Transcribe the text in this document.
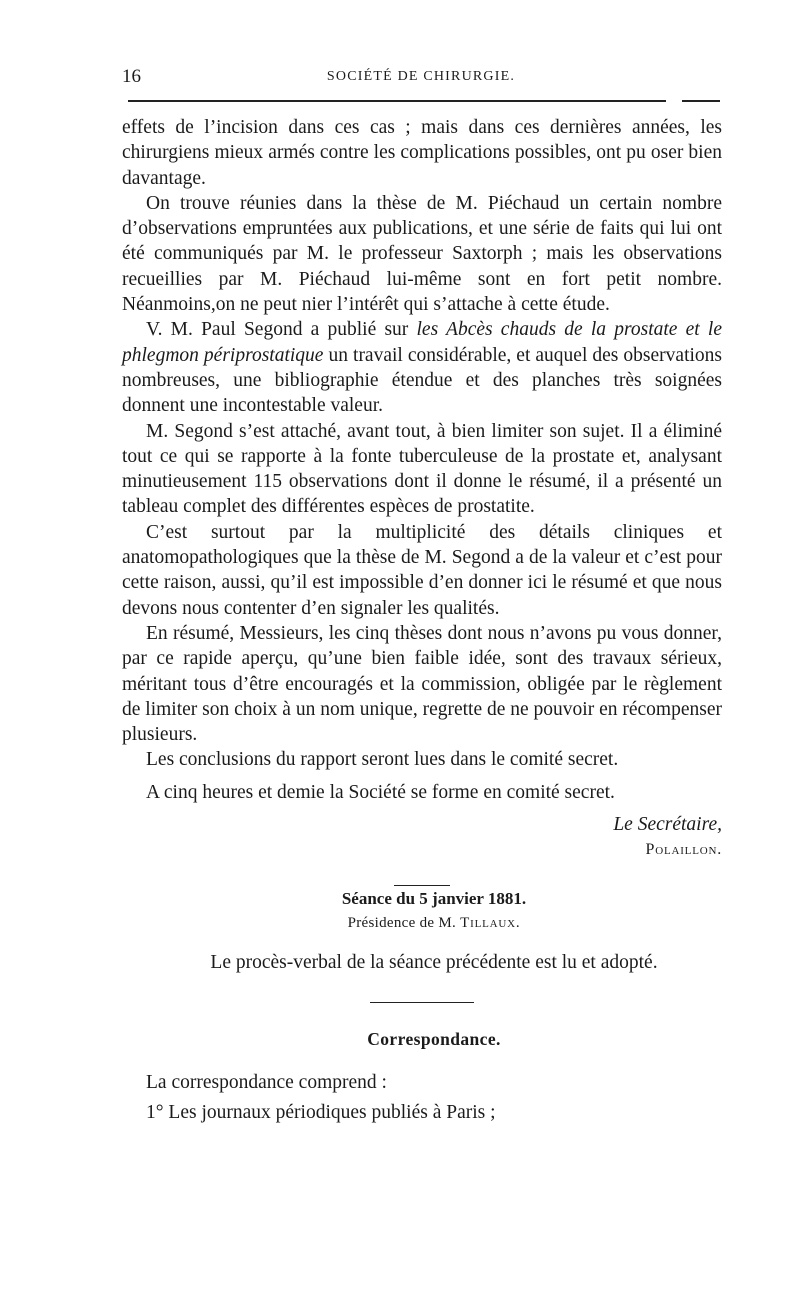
16	SOCIÉTÉ DE CHIRURGIE.

effets de l’incision dans ces cas ; mais dans ces dernières années, les chirurgiens mieux armés contre les complications possibles, ont pu oser bien davantage.

On trouve réunies dans la thèse de M. Piéchaud un certain nombre d’observations empruntées aux publications, et une série de faits qui lui ont été communiqués par M. le professeur Saxtorph ; mais les observations recueillies par M. Piéchaud lui-même sont en fort petit nombre. Néanmoins,on ne peut nier l’intérêt qui s’attache à cette étude.

V. M. Paul Segond a publié sur les Abcès chauds de la prostate et le phlegmon périprostatique un travail considérable, et auquel des observations nombreuses, une bibliographie étendue et des planches très soignées donnent une incontestable valeur.

M. Segond s’est attaché, avant tout, à bien limiter son sujet. Il a éliminé tout ce qui se rapporte à la fonte tuberculeuse de la prostate et, analysant minutieusement 115 observations dont il donne le résumé, il a présenté un tableau complet des différentes espèces de prostatite.

C’est surtout par la multiplicité des détails cliniques et anatomopathologiques que la thèse de M. Segond a de la valeur et c’est pour cette raison, aussi, qu’il est impossible d’en donner ici le résumé et que nous devons nous contenter d’en signaler les qualités.

En résumé, Messieurs, les cinq thèses dont nous n’avons pu vous donner, par ce rapide aperçu, qu’une bien faible idée, sont des travaux sérieux, méritant tous d’être encouragés et la commission, obligée par le règlement de limiter son choix à un nom unique, regrette de ne pouvoir en récompenser plusieurs.

Les conclusions du rapport seront lues dans le comité secret.

A cinq heures et demie la Société se forme en comité secret.

Le Secrétaire,

Polaillon.

Séance du 5 janvier 1881.

Présidence de M. Tillaux.

Le procès-verbal de la séance précédente est lu et adopté.

Correspondance.

La correspondance comprend :

1° Les journaux périodiques publiés à Paris ;
